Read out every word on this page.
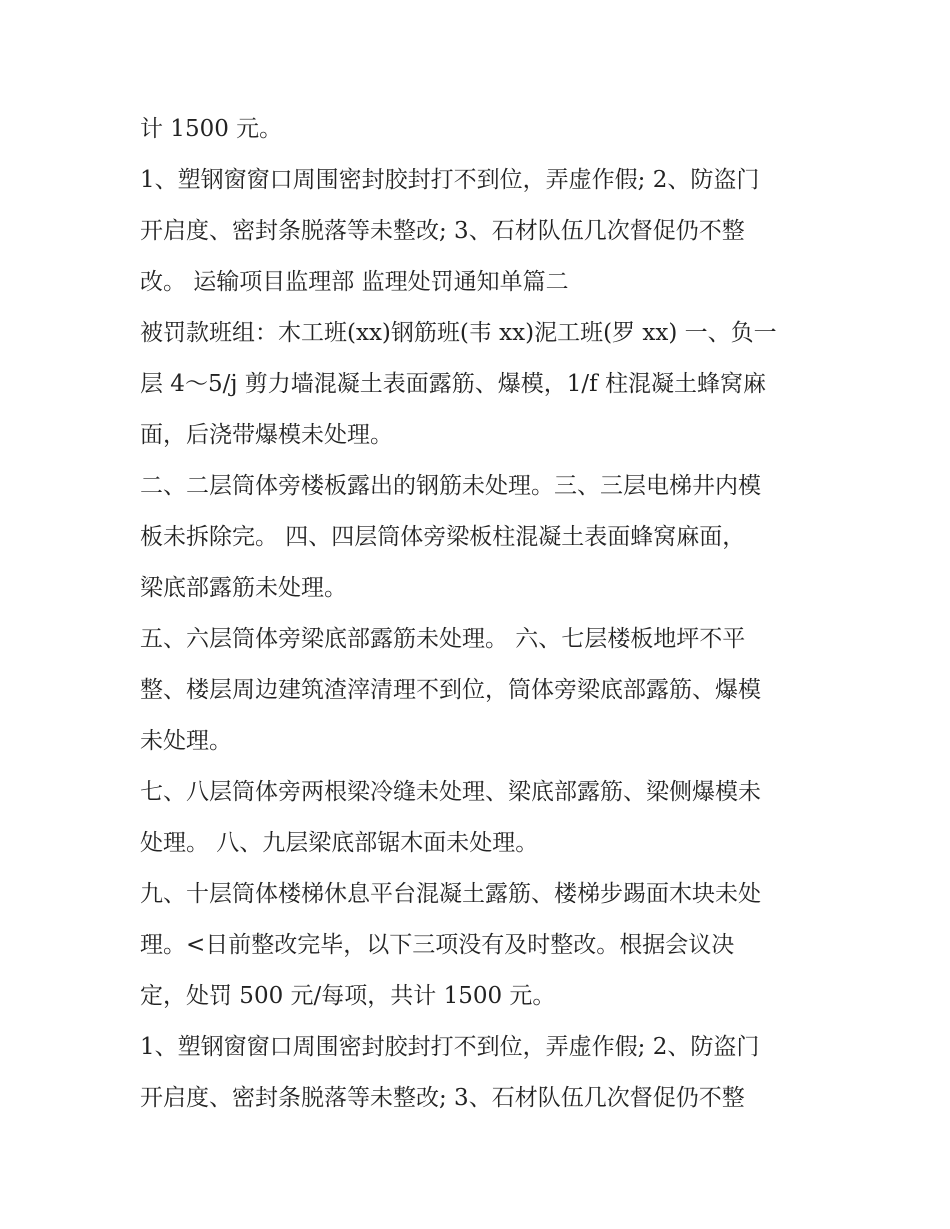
计 1500 元。

1、塑钢窗窗口周围密封胶封打不到位，弄虚作假; 2、防盗门

开启度、密封条脱落等未整改; 3、石材队伍几次督促仍不整

改。 运输项目监理部 监理处罚通知单篇二

被罚款班组：木工班(xx)钢筋班(韦 xx)泥工班(罗 xx) 一、负一

层 4～5/j 剪力墙混凝土表面露筋、爆模，1/f 柱混凝土蜂窝麻

面，后浇带爆模未处理。

二、二层筒体旁楼板露出的钢筋未处理。三、三层电梯井内模

板未拆除完。 四、四层筒体旁梁板柱混凝土表面蜂窝麻面，

梁底部露筋未处理。

五、六层筒体旁梁底部露筋未处理。 六、七层楼板地坪不平

整、楼层周边建筑渣滓清理不到位，筒体旁梁底部露筋、爆模

未处理。

七、八层筒体旁两根梁冷缝未处理、梁底部露筋、梁侧爆模未

处理。 八、九层梁底部锯木面未处理。

九、十层筒体楼梯休息平台混凝土露筋、楼梯步踢面木块未处

理。<日前整改完毕，以下三项没有及时整改。根据会议决

定，处罚 500 元/每项，共计 1500 元。

1、塑钢窗窗口周围密封胶封打不到位，弄虚作假; 2、防盗门

开启度、密封条脱落等未整改; 3、石材队伍几次督促仍不整
